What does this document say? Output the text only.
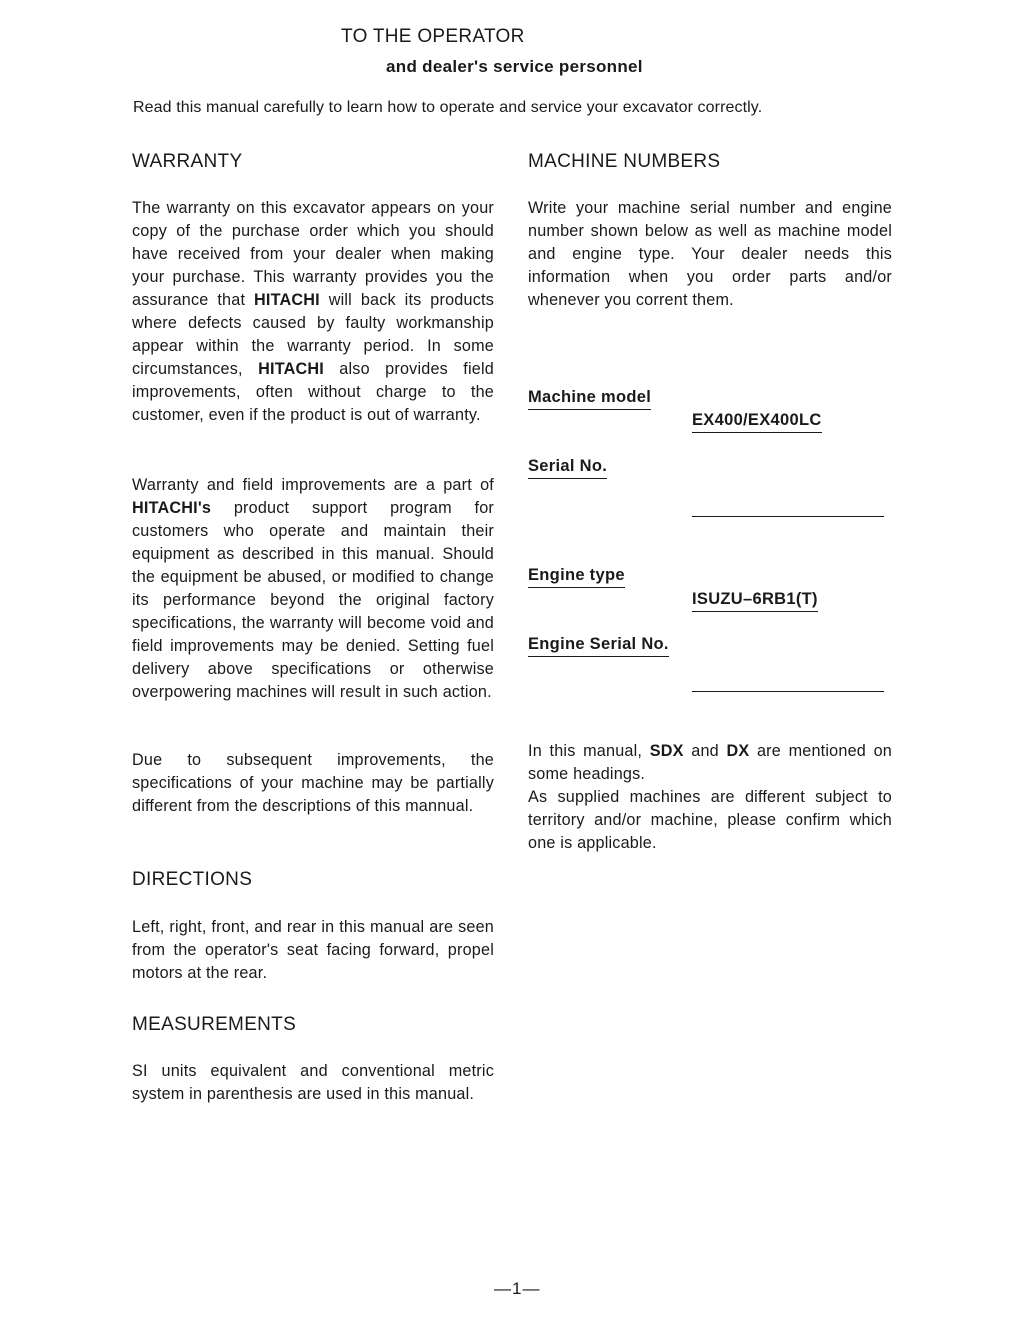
TO THE OPERATOR
and dealer's service personnel
Read this manual carefully to learn how to operate and service your excavator correctly.
WARRANTY
The warranty on this excavator appears on your copy of the purchase order which you should have received from your dealer when making your purchase. This warranty provides you the assurance that HITACHI will back its products where defects caused by faulty workmanship appear within the warranty period. In some circumstances, HITACHI also provides field improvements, often without charge to the customer, even if the product is out of warranty.
Warranty and field improvements are a part of HITACHI's product support program for customers who operate and maintain their equipment as described in this manual. Should the equipment be abused, or modified to change its performance beyond the original factory specifications, the warranty will become void and field improvements may be denied. Setting fuel delivery above specifications or otherwise overpowering machines will result in such action.
Due to subsequent improvements, the specifications of your machine may be partially different from the descriptions of this mannual.
DIRECTIONS
Left, right, front, and rear in this manual are seen from the operator's seat facing forward, propel motors at the rear.
MEASUREMENTS
SI units equivalent and conventional metric system in parenthesis are used in this manual.
MACHINE NUMBERS
Write your machine serial number and engine number shown below as well as machine model and engine type. Your dealer needs this information when you order parts and/or whenever you corrent them.
Machine model
EX400/EX400LC
Serial No.
Engine type
ISUZU–6RB1(T)
Engine Serial No.
In this manual, SDX and DX are mentioned on some headings.
As supplied machines are different subject to territory and/or machine, please confirm which one is applicable.
—1—
